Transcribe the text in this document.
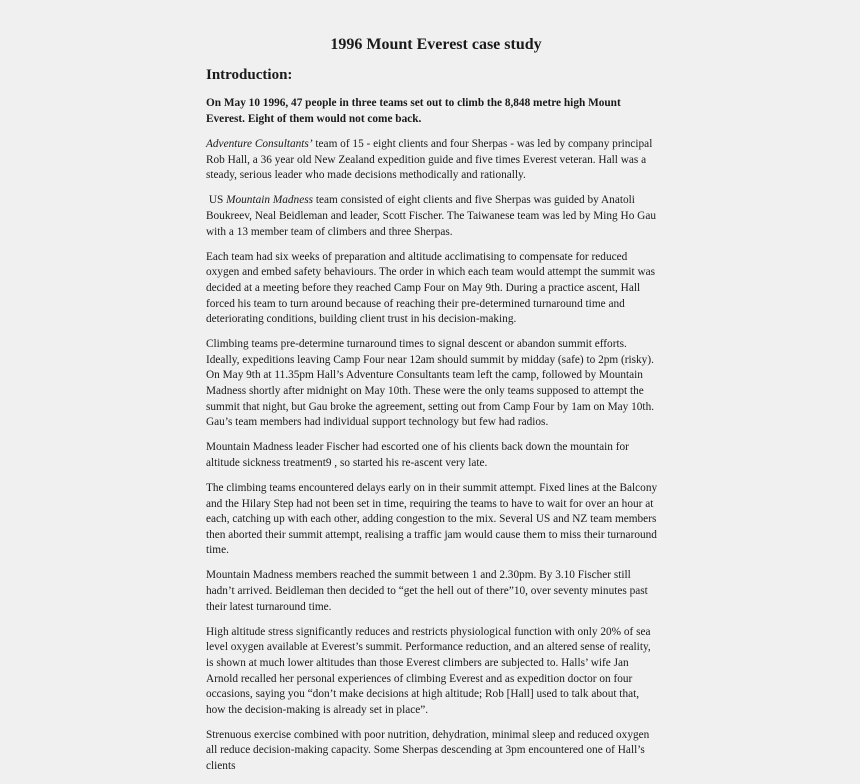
1996 Mount Everest case study
Introduction:

On May 10 1996, 47 people in three teams set out to climb the 8,848 metre high Mount Everest. Eight of them would not come back.

Adventure Consultants’ team of 15 - eight clients and four Sherpas - was led by company principal Rob Hall, a 36 year old New Zealand expedition guide and five times Everest veteran. Hall was a steady, serious leader who made decisions methodically and rationally.

US Mountain Madness team consisted of eight clients and five Sherpas was guided by Anatoli Boukreev, Neal Beidleman and leader, Scott Fischer. The Taiwanese team was led by Ming Ho Gau with a 13 member team of climbers and three Sherpas.

Each team had six weeks of preparation and altitude acclimatising to compensate for reduced oxygen and embed safety behaviours. The order in which each team would attempt the summit was decided at a meeting before they reached Camp Four on May 9th. During a practice ascent, Hall forced his team to turn around because of reaching their pre-determined turnaround time and deteriorating conditions, building client trust in his decision-making.

Climbing teams pre-determine turnaround times to signal descent or abandon summit efforts. Ideally, expeditions leaving Camp Four near 12am should summit by midday (safe) to 2pm (risky). On May 9th at 11.35pm Hall’s Adventure Consultants team left the camp, followed by Mountain Madness shortly after midnight on May 10th. These were the only teams supposed to attempt the summit that night, but Gau broke the agreement, setting out from Camp Four by 1am on May 10th. Gau’s team members had individual support technology but few had radios.

Mountain Madness leader Fischer had escorted one of his clients back down the mountain for altitude sickness treatment9 , so started his re-ascent very late.

The climbing teams encountered delays early on in their summit attempt. Fixed lines at the Balcony and the Hilary Step had not been set in time, requiring the teams to have to wait for over an hour at each, catching up with each other, adding congestion to the mix. Several US and NZ team members then aborted their summit attempt, realising a traffic jam would cause them to miss their turnaround time.

Mountain Madness members reached the summit between 1 and 2.30pm. By 3.10 Fischer still hadn’t arrived. Beidleman then decided to “get the hell out of there”10, over seventy minutes past their latest turnaround time.

High altitude stress significantly reduces and restricts physiological function with only 20% of sea level oxygen available at Everest’s summit. Performance reduction, and an altered sense of reality, is shown at much lower altitudes than those Everest climbers are subjected to. Halls’ wife Jan Arnold recalled her personal experiences of climbing Everest and as expedition doctor on four occasions, saying you “don’t make decisions at high altitude; Rob [Hall] used to talk about that, how the decision-making is already set in place”.

Strenuous exercise combined with poor nutrition, dehydration, minimal sleep and reduced oxygen all reduce decision-making capacity. Some Sherpas descending at 3pm encountered one of Hall’s clients
